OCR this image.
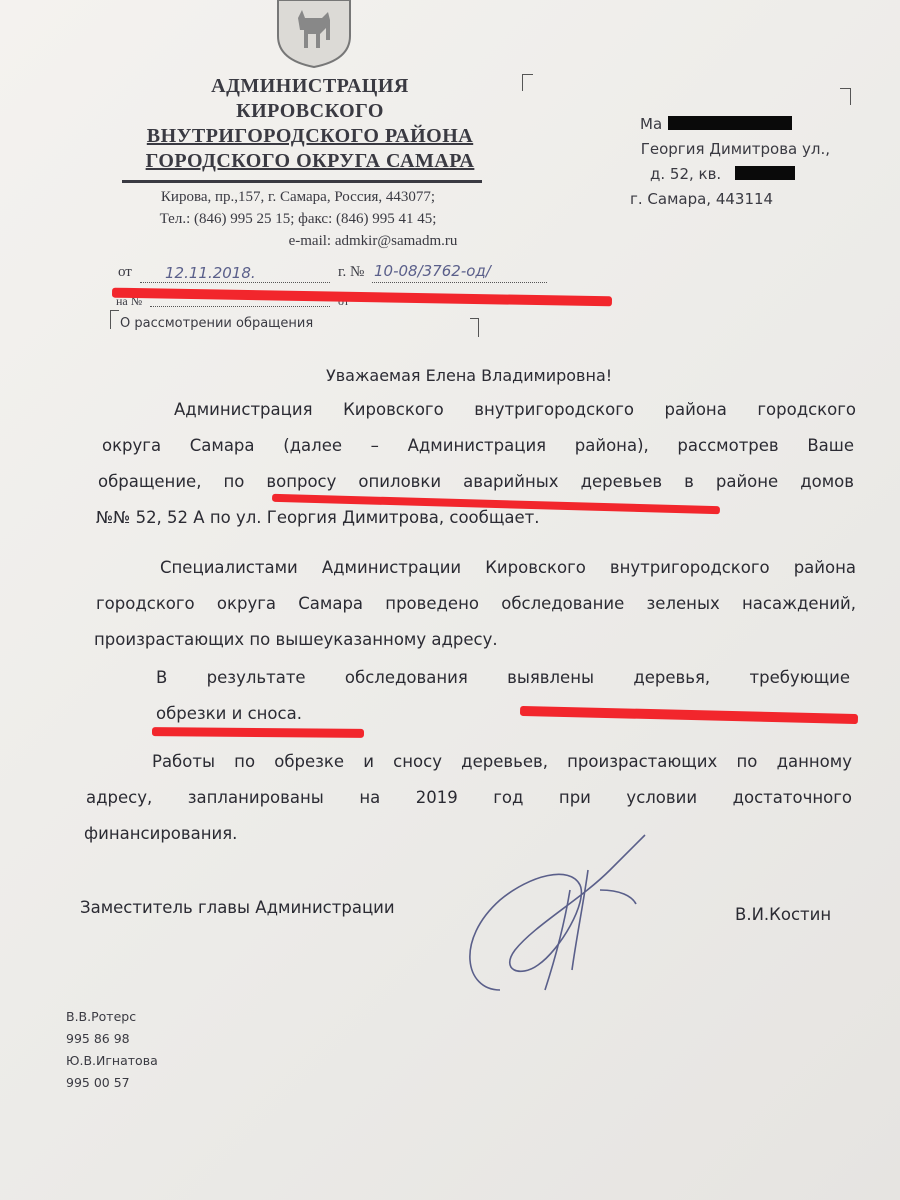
АДМИНИСТРАЦИЯ
КИРОВСКОГО
ВНУТРИГОРОДСКОГО РАЙОНА
ГОРОДСКОГО ОКРУГА САМАРА
Кирова, пр.,157, г. Самара, Россия, 443077;
Тел.: (846) 995 25 15; факс: (846) 995 41 45;
e-mail: admkir@samadm.ru
от 12.11.2018.	г. № 10-08/3762-од/
на №
О рассмотрении обращения
Ма
Георгия Димитрова ул.,
д. 52, кв.
г. Самара, 443114
Уважаемая Елена Владимировна!
Администрация Кировского внутригородского района городского
округа Самара (далее – Администрация района), рассмотрев Ваше
обращение, по вопросу опиловки аварийных деревьев в районе домов
№№ 52, 52 А по ул. Георгия Димитрова, сообщает.
Специалистами Администрации Кировского внутригородского района
городского округа Самара проведено обследование зеленых насаждений,
произрастающих по вышеуказанному адресу.
В результате обследования выявлены деревья, требующие
обрезки и сноса.
Работы по обрезке и сносу деревьев, произрастающих по данному
адресу, запланированы на 2019 год при условии достаточного
финансирования.
Заместитель главы Администрации	В.И.Костин
В.В.Ротерс
995 86 98
Ю.В.Игнатова
995 00 57
